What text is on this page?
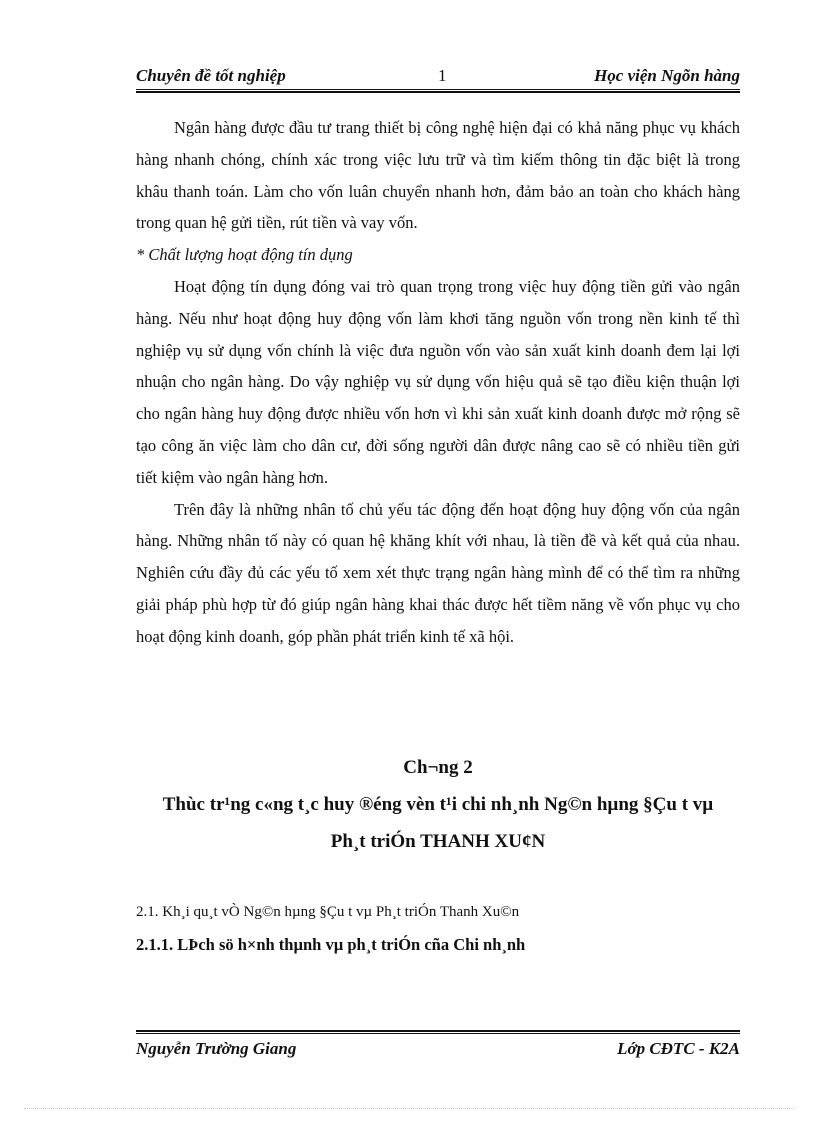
Chuyên đề tốt nghiệp	1	Học viện Ngõn hàng

Ngân hàng được đầu tư trang thiết bị công nghệ hiện đại có khả năng phục vụ khách hàng nhanh chóng, chính xác trong việc lưu trữ và tìm kiếm thông tin đặc biệt là trong khâu thanh toán. Làm cho vốn luân chuyển nhanh hơn, đảm bảo an toàn cho khách hàng trong quan hệ gửi tiền, rút tiền và vay vốn.

* Chất lượng hoạt động tín dụng

Hoạt động tín dụng đóng vai trò quan trọng trong việc huy động tiền gửi vào ngân hàng. Nếu như hoạt động huy động vốn làm khơi tăng nguồn vốn trong nền kinh tế thì nghiệp vụ sử dụng vốn chính là việc đưa nguồn vốn vào sản xuất kinh doanh đem lại lợi nhuận cho ngân hàng. Do vậy nghiệp vụ sử dụng vốn hiệu quả sẽ tạo điều kiện thuận lợi cho ngân hàng huy động được nhiều vốn hơn vì khi sản xuất kinh doanh được mở rộng sẽ tạo công ăn việc làm cho dân cư, đời sống người dân được nâng cao sẽ có nhiều tiền gửi tiết kiệm vào ngân hàng hơn.

Trên đây là những nhân tố chủ yếu tác động đến hoạt động huy động vốn của ngân hàng. Những nhân tố này có quan hệ khăng khít với nhau, là tiền đề và kết quả của nhau. Nghiên cứu đầy đủ các yếu tố xem xét thực trạng ngân hàng mình để có thể tìm ra những giải pháp phù hợp từ đó giúp ngân hàng khai thác được hết tiềm năng về vốn phục vụ cho hoạt động kinh doanh, góp phần phát triển kinh tế xã hội.

Ch¬ng 2
Thùc tr¹ng c«ng t¸c huy ®éng vèn t¹i chi nh¸nh Ng©n hµng §Çu t vµ
Ph¸t triÓn THANH XU¢N
2.1. Kh¸i qu¸t vÒ Ng©n hµng §Çu t vµ Ph¸t triÓn Thanh Xu©n
2.1.1. LÞch sö h×nh thµnh vµ ph¸t triÓn cña Chi nh¸nh
Nguyễn Trường Giang	Lớp CĐTC - K2A
